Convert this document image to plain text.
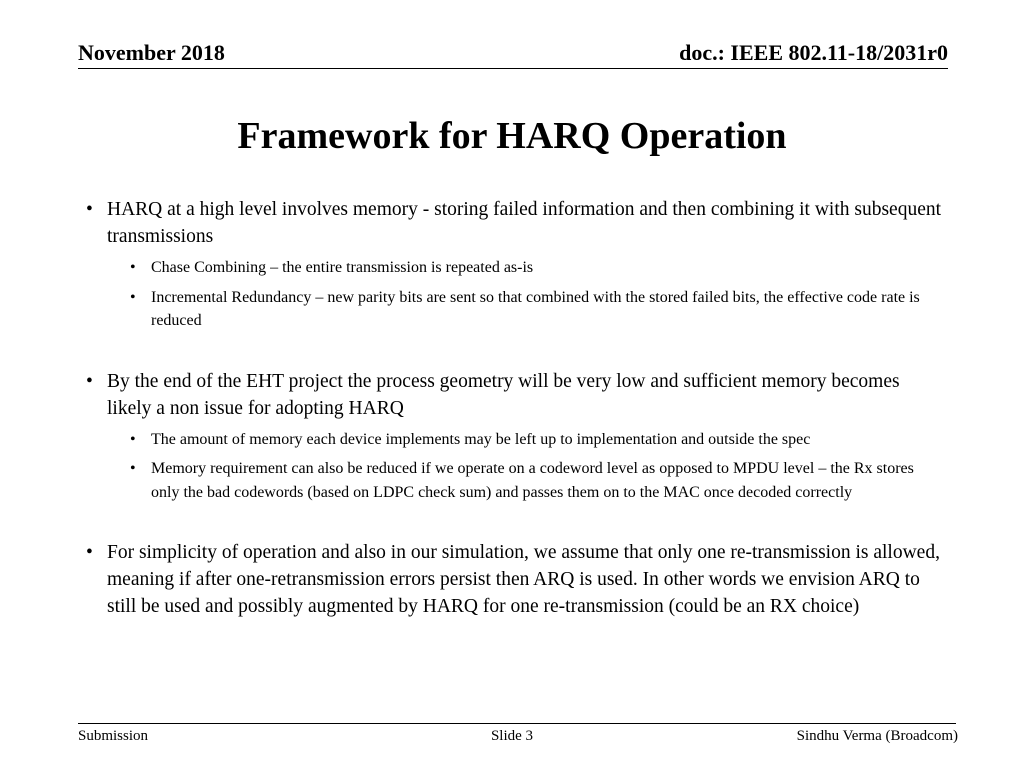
November 2018	doc.: IEEE 802.11-18/2031r0
Framework for HARQ Operation

• HARQ at a high level involves memory - storing failed information and then combining it with subsequent transmissions

• Chase Combining – the entire transmission is repeated as-is
• Incremental Redundancy – new parity bits are sent so that combined with the stored failed bits, the effective code rate is reduced

• By the end of the EHT project the process geometry will be very low and sufficient memory becomes likely a non issue for adopting HARQ

• The amount of memory each device implements may be left up to implementation and outside the spec
• Memory requirement can also be reduced if we operate on a codeword level as opposed to MPDU level – the Rx stores only the bad codewords (based on LDPC check sum) and passes them on to the MAC once decoded correctly

• For simplicity of operation and also in our simulation, we assume that only one re-transmission is allowed, meaning if after one-retransmission errors persist then ARQ is used. In other words we envision ARQ to still be used and possibly augmented by HARQ for one re-transmission (could be an RX choice)

Submission	Slide 3	Sindhu Verma (Broadcom)
